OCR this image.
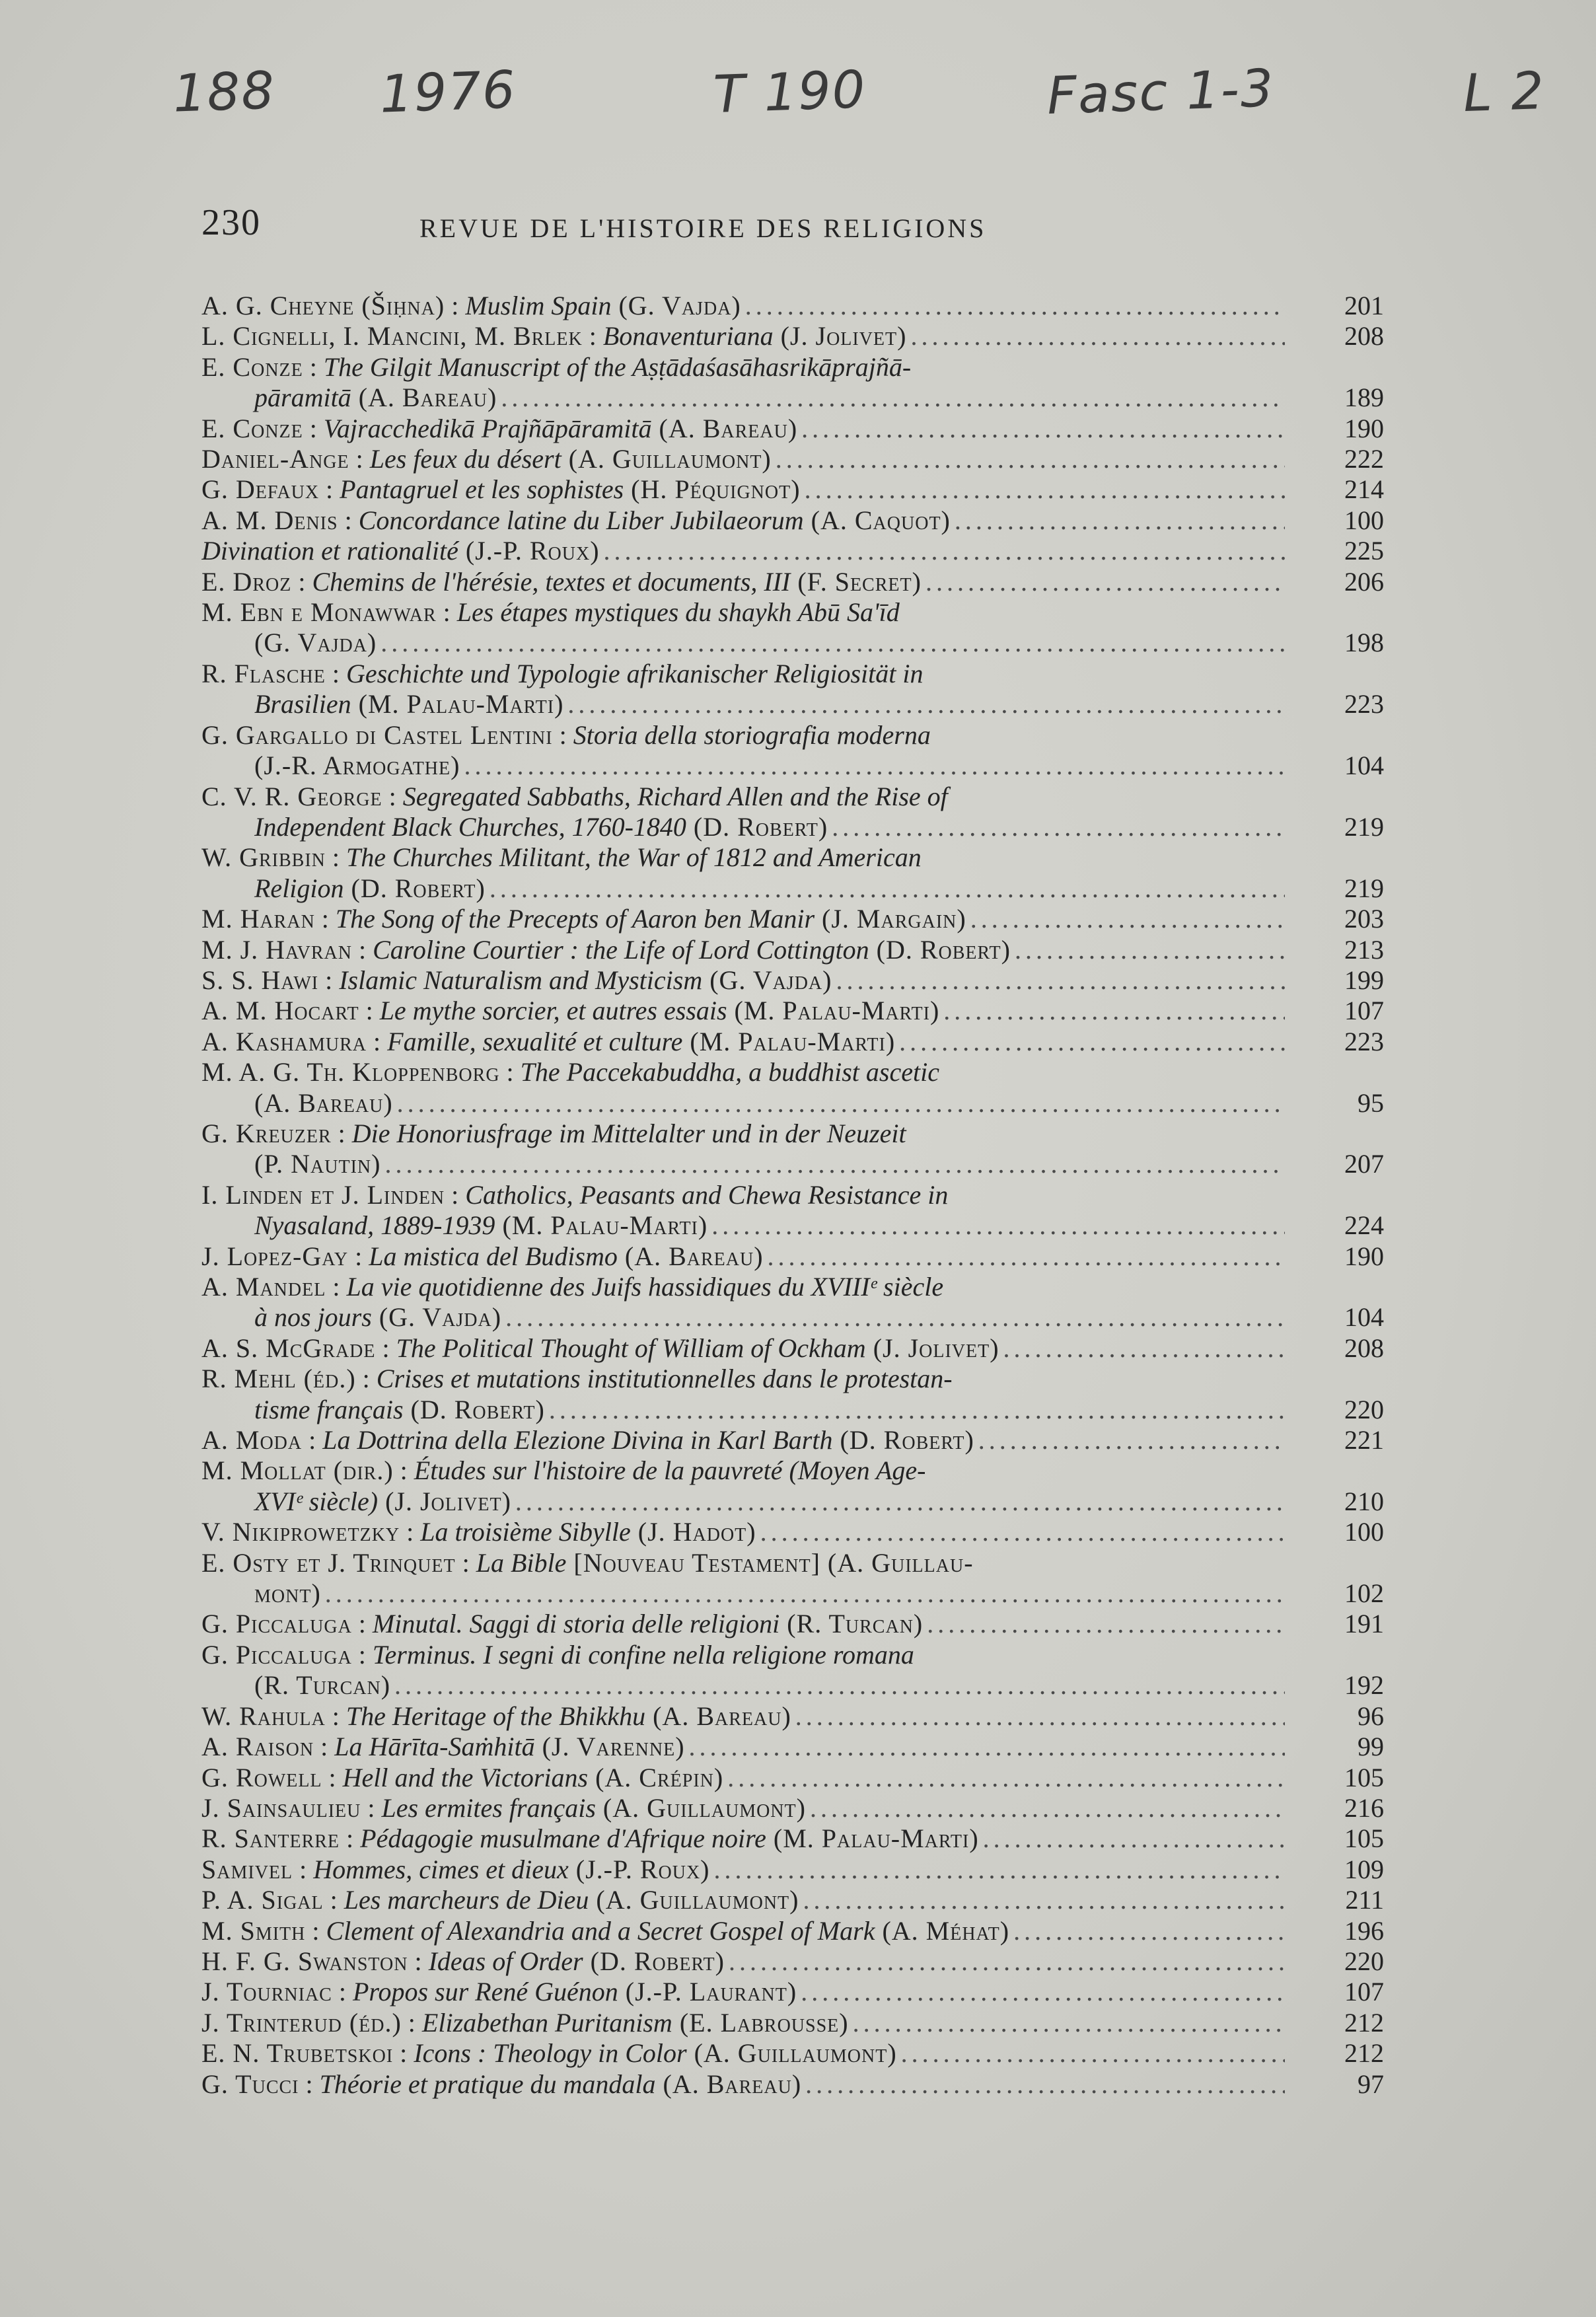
188 1976	T 190	Fasc 1-3	L 2
230	REVUE DE L'HISTOIRE DES RELIGIONS
A. G. Cheyne (Šiḥna) : Muslim Spain (G. Vajda) .....	201
L. Cignelli, I. Mancini, M. Brlek : Bonaventuriana (J. Jolivet) .....	208
E. Conze : The Gilgit Manuscript of the Aṣṭādaśasāhasrikāprajñā-
pāramitā (A. Bareau) .....	189
E. Conze : Vajracchedikā Prajñāpāramitā (A. Bareau) .....	190
Daniel-Ange : Les feux du désert (A. Guillaumont) .....	222
G. Defaux : Pantagruel et les sophistes (H. Péquignot) .....	214
A. M. Denis : Concordance latine du Liber Jubilaeorum (A. Caquot) .....	100
Divination et rationalité (J.-P. Roux) .....	225
E. Droz : Chemins de l'hérésie, textes et documents, III (F. Secret) .....	206
M. Ebn e Monawwar : Les étapes mystiques du shaykh Abū Sa'īd
(G. Vajda) .....	198
R. Flasche : Geschichte und Typologie afrikanischer Religiosität in
Brasilien (M. Palau-Marti) .....	223
G. Gargallo di Castel Lentini : Storia della storiografia moderna
(J.-R. Armogathe) .....	104
C. V. R. George : Segregated Sabbaths, Richard Allen and the Rise of
Independent Black Churches, 1760-1840 (D. Robert) .....	219
W. Gribbin : The Churches Militant, the War of 1812 and American
Religion (D. Robert) .....	219
M. Haran : The Song of the Precepts of Aaron ben Manir (J. Margain) .....	203
M. J. Havran : Caroline Courtier : the Life of Lord Cottington (D. Robert) .....	213
S. S. Hawi : Islamic Naturalism and Mysticism (G. Vajda) .....	199
A. M. Hocart : Le mythe sorcier, et autres essais (M. Palau-Marti) .....	107
A. Kashamura : Famille, sexualité et culture (M. Palau-Marti) .....	223
M. A. G. Th. Kloppenborg : The Paccekabuddha, a buddhist ascetic
(A. Bareau) .....	95
G. Kreuzer : Die Honoriusfrage im Mittelalter und in der Neuzeit
(P. Nautin) .....	207
I. Linden et J. Linden : Catholics, Peasants and Chewa Resistance in
Nyasaland, 1889-1939 (M. Palau-Marti) .....	224
J. Lopez-Gay : La mistica del Budismo (A. Bareau) .....	190
A. Mandel : La vie quotidienne des Juifs hassidiques du XVIIIᵉ siècle
à nos jours (G. Vajda) .....	104
A. S. McGrade : The Political Thought of William of Ockham (J. Jolivet) .....	208
R. Mehl (éd.) : Crises et mutations institutionnelles dans le protestan-
tisme français (D. Robert) .....	220
A. Moda : La Dottrina della Elezione Divina in Karl Barth (D. Robert) .....	221
M. Mollat (dir.) : Études sur l'histoire de la pauvreté (Moyen Age-
XVIᵉ siècle) (J. Jolivet) .....	210
V. Nikiprowetzky : La troisième Sibylle (J. Hadot) .....	100
E. Osty et J. Trinquet : La Bible [Nouveau Testament] (A. Guillau-
mont) .....	102
G. Piccaluga : Minutal. Saggi di storia delle religioni (R. Turcan) .....	191
G. Piccaluga : Terminus. I segni di confine nella religione romana
(R. Turcan) .....	192
W. Rahula : The Heritage of the Bhikkhu (A. Bareau) .....	96
A. Raison : La Hārīta-Saṁhitā (J. Varenne) .....	99
G. Rowell : Hell and the Victorians (A. Crépin) .....	105
J. Sainsaulieu : Les ermites français (A. Guillaumont) .....	216
R. Santerre : Pédagogie musulmane d'Afrique noire (M. Palau-Marti) .....	105
Samivel : Hommes, cimes et dieux (J.-P. Roux) .....	109
P. A. Sigal : Les marcheurs de Dieu (A. Guillaumont) .....	211
M. Smith : Clement of Alexandria and a Secret Gospel of Mark (A. Méhat) .....	196
H. F. G. Swanston : Ideas of Order (D. Robert) .....	220
J. Tourniac : Propos sur René Guénon (J.-P. Laurant) .....	107
J. Trinterud (éd.) : Elizabethan Puritanism (E. Labrousse) .....	212
E. N. Trubetskoi : Icons : Theology in Color (A. Guillaumont) .....	212
G. Tucci : Théorie et pratique du mandala (A. Bareau) .....	97
